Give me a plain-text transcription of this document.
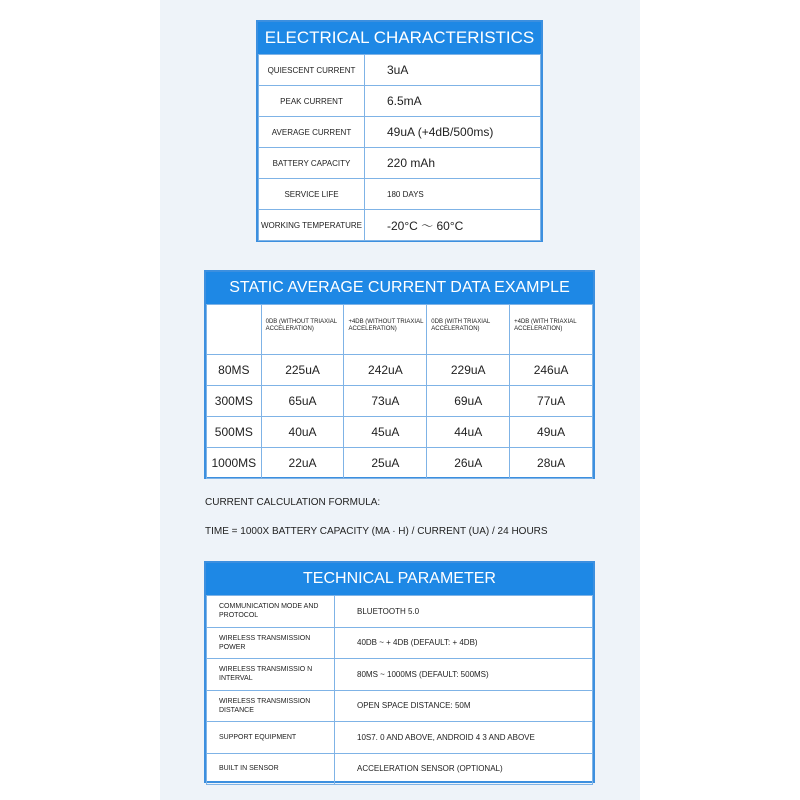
ELECTRICAL CHARACTERISTICS
QUIESCENT CURRENT	3uA
PEAK CURRENT	6.5mA
AVERAGE CURRENT	49uA (+4dB/500ms)
BATTERY CAPACITY	220 mAh
SERVICE LIFE	180 DAYS
WORKING TEMPERATURE	-20°C ～ 60°C
STATIC AVERAGE CURRENT DATA EXAMPLE
	0DB (WITHOUT TRIAXIAL ACCELERATION)	+4DB (WITHOUT TRIAXIAL ACCELERATION)	0DB (WITH TRIAXIAL ACCELERATION)	+4DB (WITH TRIAXIAL ACCELERATION)
80MS	225uA	242uA	229uA	246uA
300MS	65uA	73uA	69uA	77uA
500MS	40uA	45uA	44uA	49uA
1000MS	22uA	25uA	26uA	28uA
CURRENT CALCULATION FORMULA:
TIME = 1000X BATTERY CAPACITY (MA · H) / CURRENT (UA) / 24 HOURS
TECHNICAL PARAMETER
COMMUNICATION MODE AND PROTOCOL	BLUETOOTH 5.0
WIRELESS TRANSMISSION POWER	40DB ~ + 4DB (DEFAULT: + 4DB)
WIRELESS TRANSMISSIO N INTERVAL	80MS ~ 1000MS (DEFAULT: 500MS)
WIRELESS TRANSMISSION DISTANCE	OPEN SPACE DISTANCE: 50M
SUPPORT EQUIPMENT	10S7. 0 AND ABOVE, ANDROID 4 3 AND ABOVE
BUILT IN SENSOR	ACCELERATION SENSOR (OPTIONAL)
